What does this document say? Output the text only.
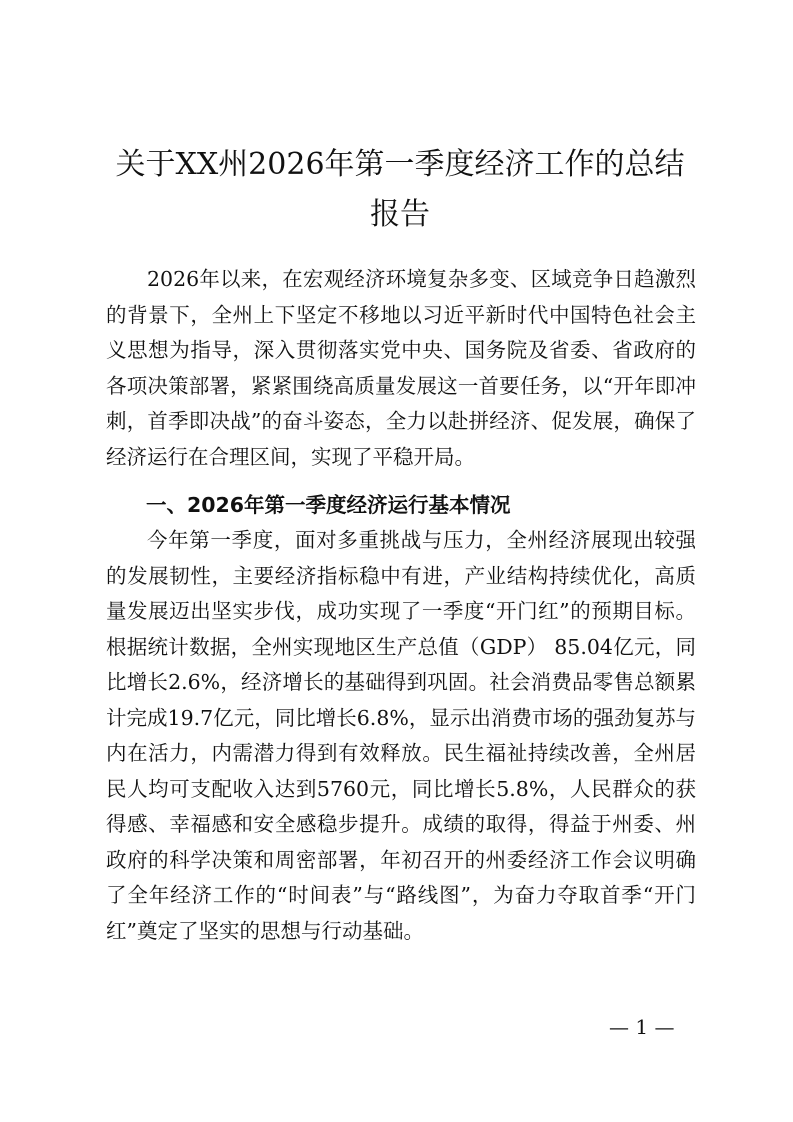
关于XX州2026年第一季度经济工作的总结
报告

2026年以来，在宏观经济环境复杂多变、区域竞争日趋激烈的背景下，全州上下坚定不移地以习近平新时代中国特色社会主义思想为指导，深入贯彻落实党中央、国务院及省委、省政府的各项决策部署，紧紧围绕高质量发展这一首要任务，以“开年即冲刺，首季即决战”的奋斗姿态，全力以赴拼经济、促发展，确保了经济运行在合理区间，实现了平稳开局。

一、2026年第一季度经济运行基本情况

今年第一季度，面对多重挑战与压力，全州经济展现出较强的发展韧性，主要经济指标稳中有进，产业结构持续优化，高质量发展迈出坚实步伐，成功实现了一季度“开门红”的预期目标。根据统计数据，全州实现地区生产总值（GDP） 85.04亿元，同比增长2.6%，经济增长的基础得到巩固。社会消费品零售总额累计完成19.7亿元，同比增长6.8%，显示出消费市场的强劲复苏与内在活力，内需潜力得到有效释放。民生福祉持续改善，全州居民人均可支配收入达到5760元，同比增长5.8%，人民群众的获得感、幸福感和安全感稳步提升。成绩的取得，得益于州委、州政府的科学决策和周密部署，年初召开的州委经济工作会议明确了全年经济工作的“时间表”与“路线图”，为奋力夺取首季“开门红”奠定了坚实的思想与行动基础。

— 1 —
